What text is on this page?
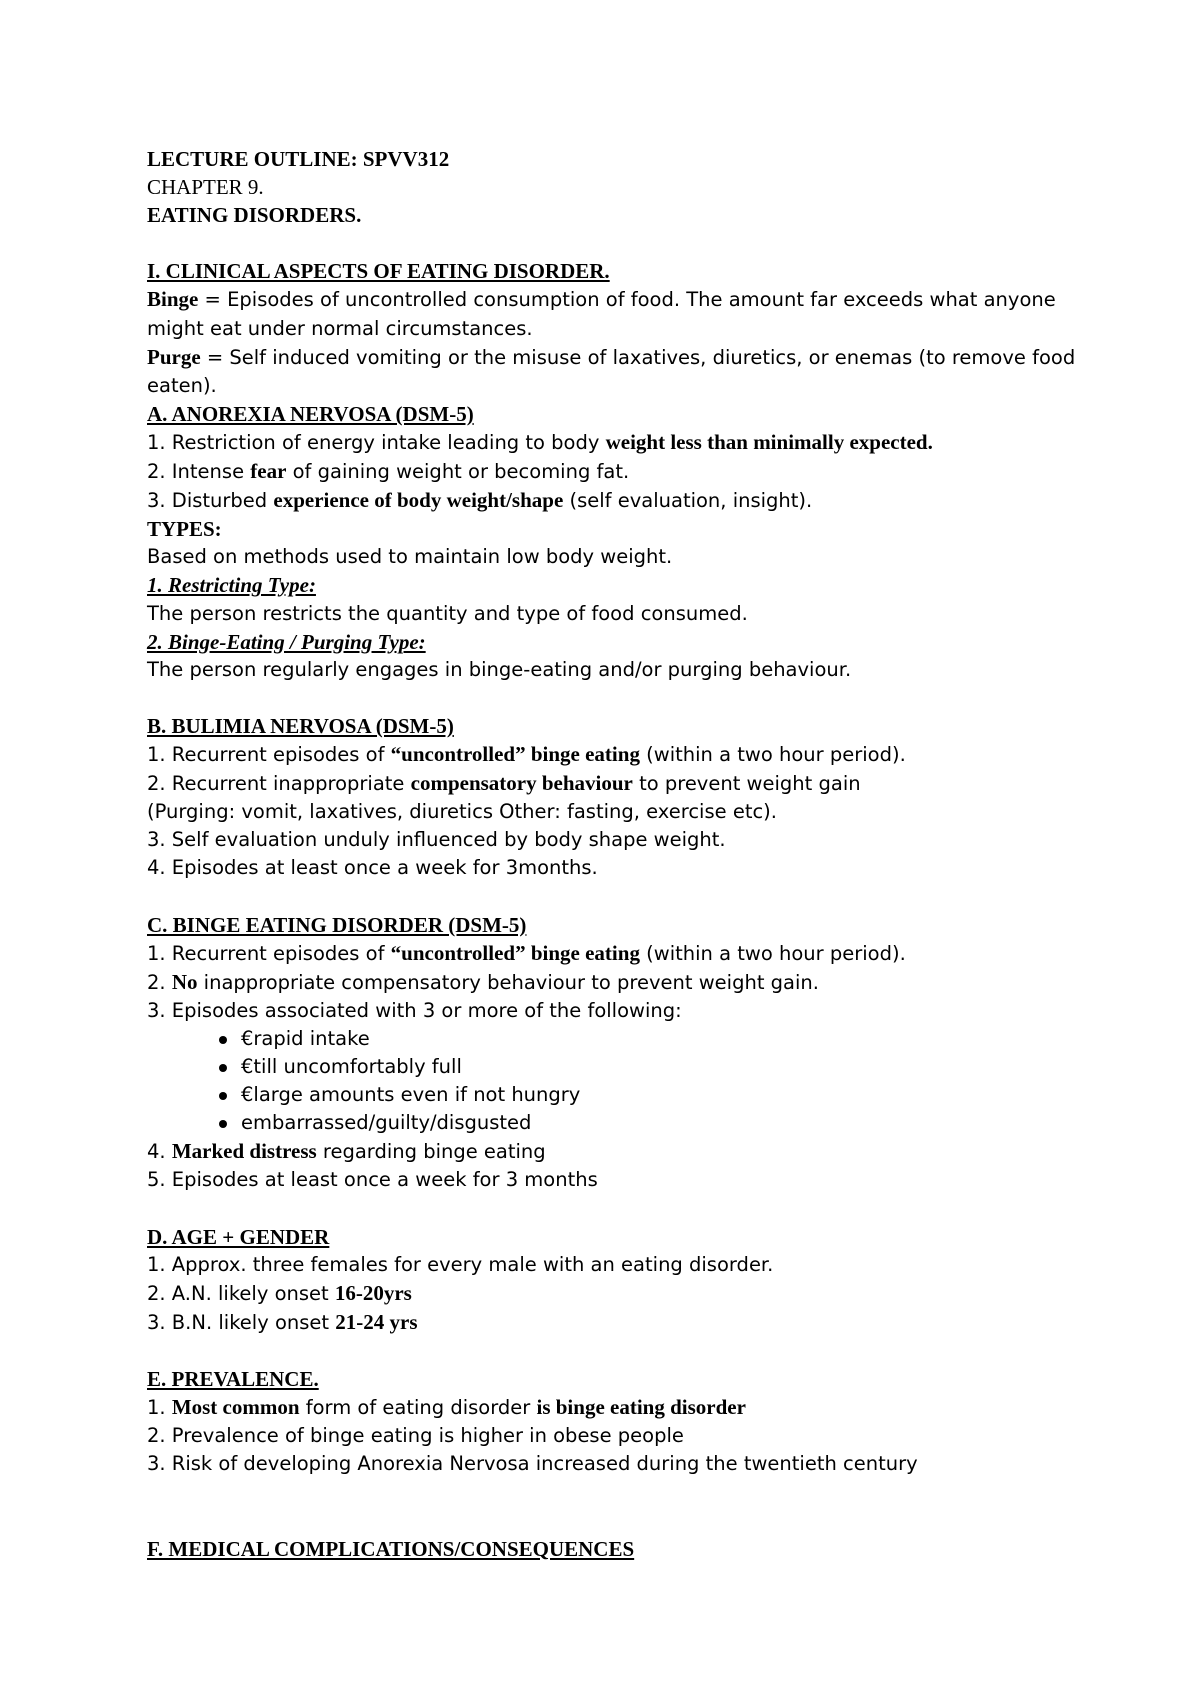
LECTURE OUTLINE: SPVV312
CHAPTER 9.
EATING DISORDERS.
I. CLINICAL ASPECTS OF EATING DISORDER.
Binge = Episodes of uncontrolled consumption of food. The amount far exceeds what anyone might eat under normal circumstances.
Purge = Self induced vomiting or the misuse of laxatives, diuretics, or enemas (to remove food eaten).
A. ANOREXIA NERVOSA (DSM-5)
1. Restriction of energy intake leading to body weight less than minimally expected.
2. Intense fear of gaining weight or becoming fat.
3. Disturbed experience of body weight/shape (self evaluation, insight).
TYPES:
Based on methods used to maintain low body weight.
1. Restricting Type:
The person restricts the quantity and type of food consumed.
2. Binge-Eating / Purging Type:
The person regularly engages in binge-eating and/or purging behaviour.
B. BULIMIA NERVOSA (DSM-5)
1. Recurrent episodes of “uncontrolled” binge eating (within a two hour period).
2. Recurrent inappropriate compensatory behaviour to prevent weight gain
(Purging: vomit, laxatives, diuretics Other: fasting, exercise etc).
3. Self evaluation unduly influenced by body shape weight.
4. Episodes at least once a week for 3months.
C. BINGE EATING DISORDER (DSM-5)
1. Recurrent episodes of “uncontrolled” binge eating (within a two hour period).
2. No inappropriate compensatory behaviour to prevent weight gain.
3. Episodes associated with 3 or more of the following:
€rapid intake
€till uncomfortably full
€large amounts even if not hungry
embarrassed/guilty/disgusted
4. Marked distress regarding binge eating
5. Episodes at least once a week for 3 months
D. AGE + GENDER
1. Approx. three females for every male with an eating disorder.
2. A.N. likely onset 16-20yrs
3. B.N. likely onset 21-24 yrs
E. PREVALENCE.
1. Most common form of eating disorder is binge eating disorder
2. Prevalence of binge eating is higher in obese people
3. Risk of developing Anorexia Nervosa increased during the twentieth century
F. MEDICAL COMPLICATIONS/CONSEQUENCES
